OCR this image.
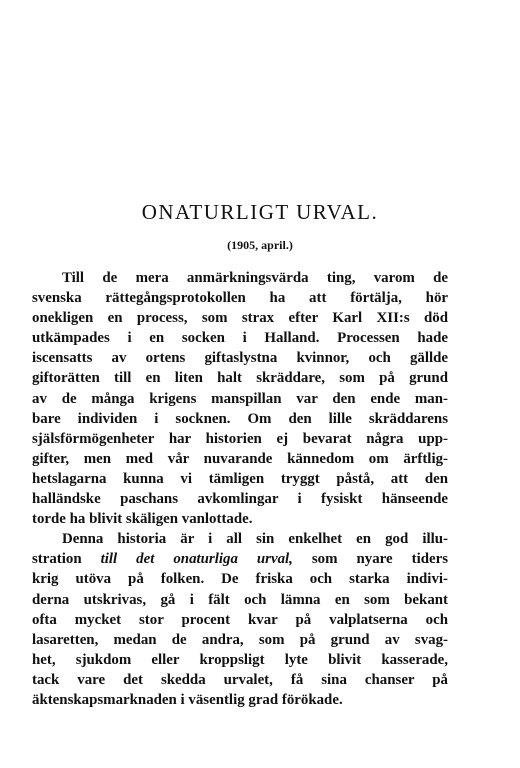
ONATURLIGT URVAL.
(1905, april.)
Till de mera anmärkningsvärda ting, varom de
svenska rättegångsprotokollen ha att förtälja, hör
onekligen en process, som strax efter Karl XII:s död
utkämpades i en socken i Halland. Processen hade
iscensatts av ortens giftaslystna kvinnor, och gällde
giftorätten till en liten halt skräddare, som på grund
av de många krigens manspillan var den ende man-
bare individen i socknen. Om den lille skräddarens
själsförmögenheter har historien ej bevarat några upp-
gifter, men med vår nuvarande kännedom om ärftlig-
hetslagarna kunna vi tämligen tryggt påstå, att den
halländske paschans avkomlingar i fysiskt hänseende
torde ha blivit skäligen vanlottade.
Denna historia är i all sin enkelhet en god illu-
stration till det onaturliga urval, som nyare tiders
krig utöva på folken. De friska och starka indivi-
derna utskrivas, gå i fält och lämna en som bekant
ofta mycket stor procent kvar på valplatserna och
lasaretten, medan de andra, som på grund av svag-
het, sjukdom eller kroppsligt lyte blivit kasserade,
tack vare det skedda urvalet, få sina chanser på
äktenskapsmarknaden i väsentlig grad förökade.
